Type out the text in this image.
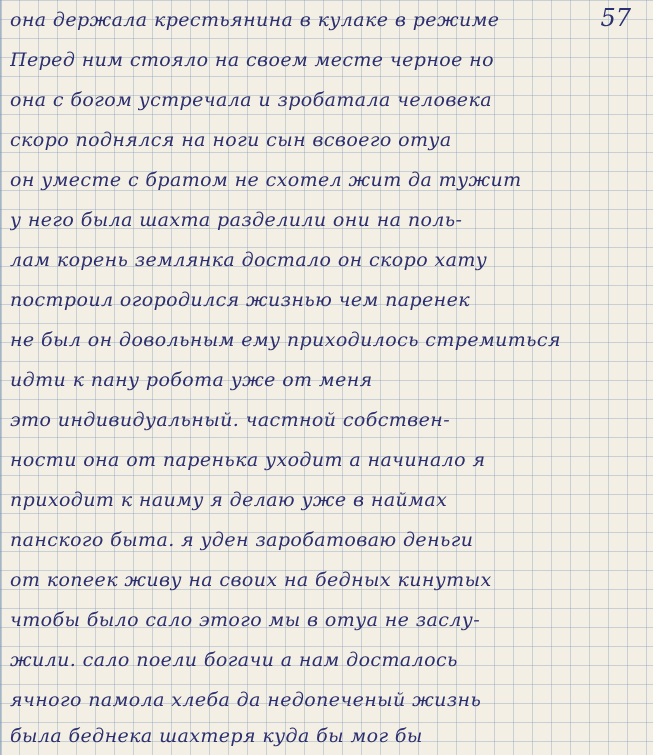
57
она держала крестьянина в кулаке в режиме
Перед ним стояло на своем месте черное но
она с богом устречала и зробатала человека
скоро поднялся на ноги сын всвоего отуа
он уместе с братом не схотел жит да тужит
у него была шахта разделили они на поль-
лам корень землянка достало он скоро хату
построил огородился жизнью чем паренек
не был он довольным ему приходилось стремиться
идти к пану робота уже от меня
это индивидуальный. частной собствен-
ности она от паренька уходит а начинало я
приходит к наиму я делаю уже в наймах
панского быта. я уден заробатоваю деньги
от копеек живу на своих на бедных кинутых
чтобы было сало этого мы в отуа не заслу-
жили. сало поели богачи а нам досталось
ячного памола хлеба да недопеченый жизнь
была беднека шахтеря куда бы мог бы
